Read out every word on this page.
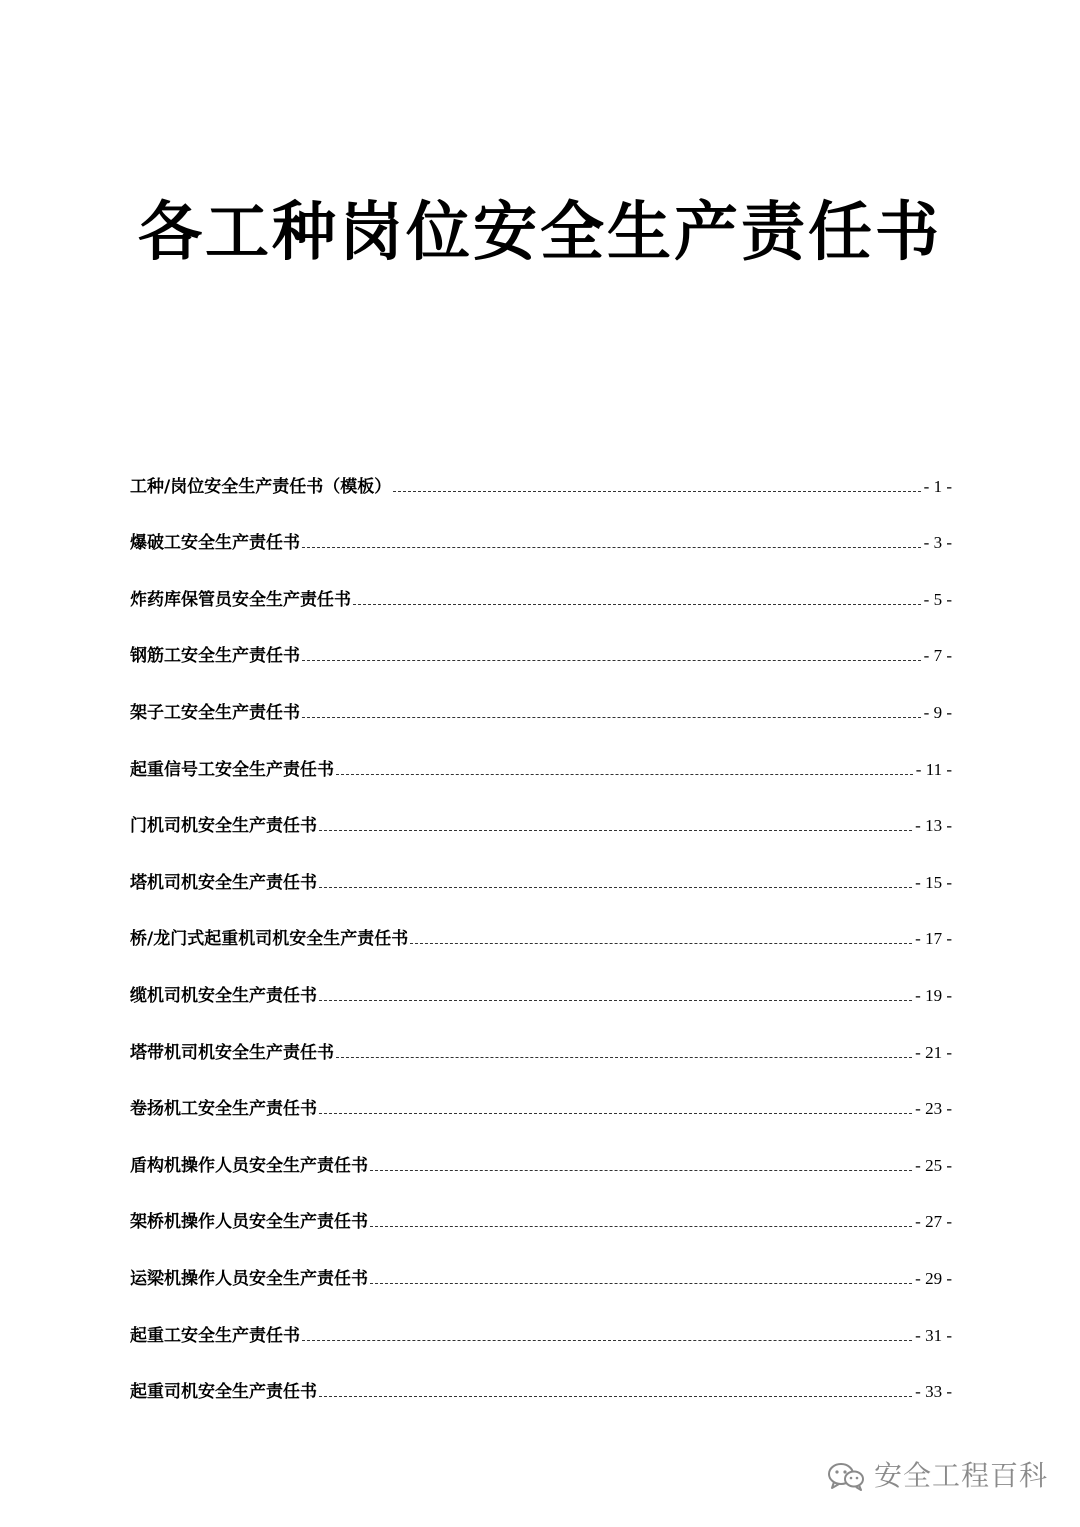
各工种岗位安全生产责任书
工种/岗位安全生产责任书（模板）	- 1 -
爆破工安全生产责任书	- 3 -
炸药库保管员安全生产责任书	- 5 -
钢筋工安全生产责任书	- 7 -
架子工安全生产责任书	- 9 -
起重信号工安全生产责任书	- 11 -
门机司机安全生产责任书	- 13 -
塔机司机安全生产责任书	- 15 -
桥/龙门式起重机司机安全生产责任书	- 17 -
缆机司机安全生产责任书	- 19 -
塔带机司机安全生产责任书	- 21 -
卷扬机工安全生产责任书	- 23 -
盾构机操作人员安全生产责任书	- 25 -
架桥机操作人员安全生产责任书	- 27 -
运梁机操作人员安全生产责任书	- 29 -
起重工安全生产责任书	- 31 -
起重司机安全生产责任书	- 33 -
安全工程百科
